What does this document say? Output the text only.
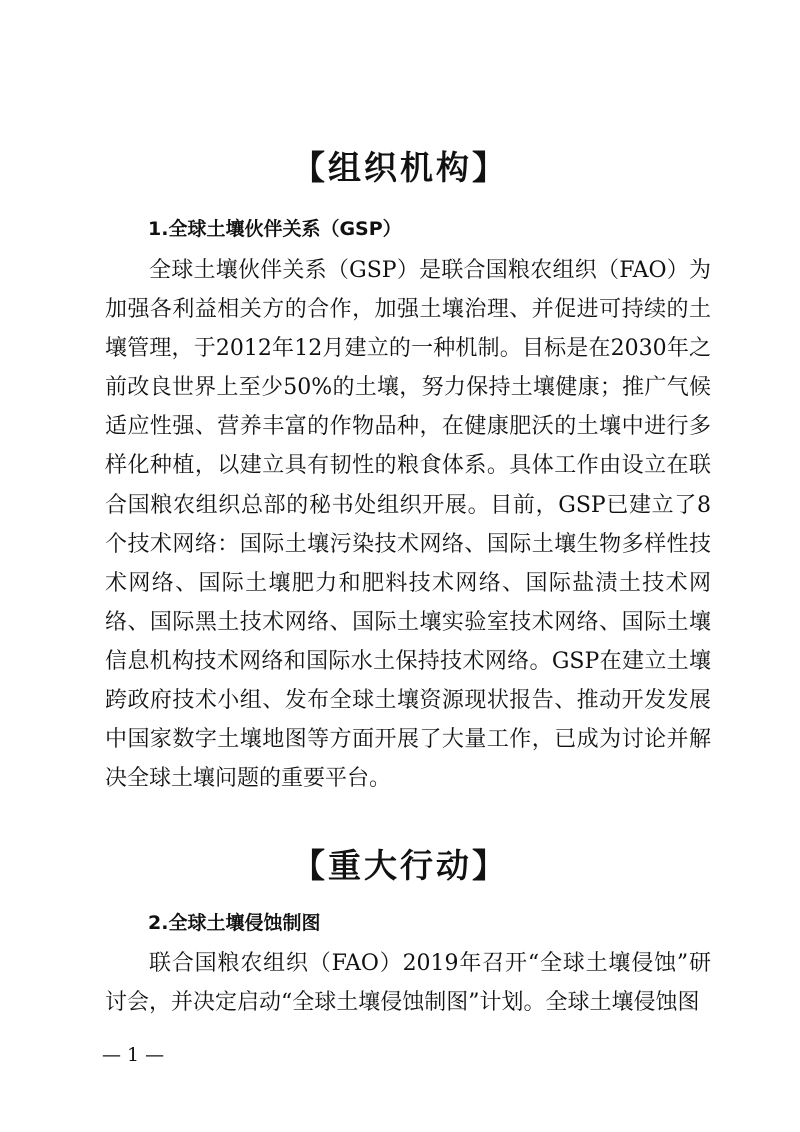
【组织机构】
1.全球土壤伙伴关系（GSP）

全球土壤伙伴关系（GSP）是联合国粮农组织（FAO）为加强各利益相关方的合作，加强土壤治理、并促进可持续的土壤管理，于2012年12月建立的一种机制。目标是在2030年之前改良世界上至少50%的土壤，努力保持土壤健康；推广气候适应性强、营养丰富的作物品种，在健康肥沃的土壤中进行多样化种植，以建立具有韧性的粮食体系。具体工作由设立在联合国粮农组织总部的秘书处组织开展。目前，GSP已建立了8个技术网络：国际土壤污染技术网络、国际土壤生物多样性技术网络、国际土壤肥力和肥料技术网络、国际盐渍土技术网络、国际黑土技术网络、国际土壤实验室技术网络、国际土壤信息机构技术网络和国际水土保持技术网络。GSP在建立土壤跨政府技术小组、发布全球土壤资源现状报告、推动开发发展中国家数字土壤地图等方面开展了大量工作，已成为讨论并解决全球土壤问题的重要平台。

【重大行动】
2.全球土壤侵蚀制图

联合国粮农组织（FAO）2019年召开“全球土壤侵蚀”研讨会，并决定启动“全球土壤侵蚀制图”计划。全球土壤侵蚀图

— 1 —
